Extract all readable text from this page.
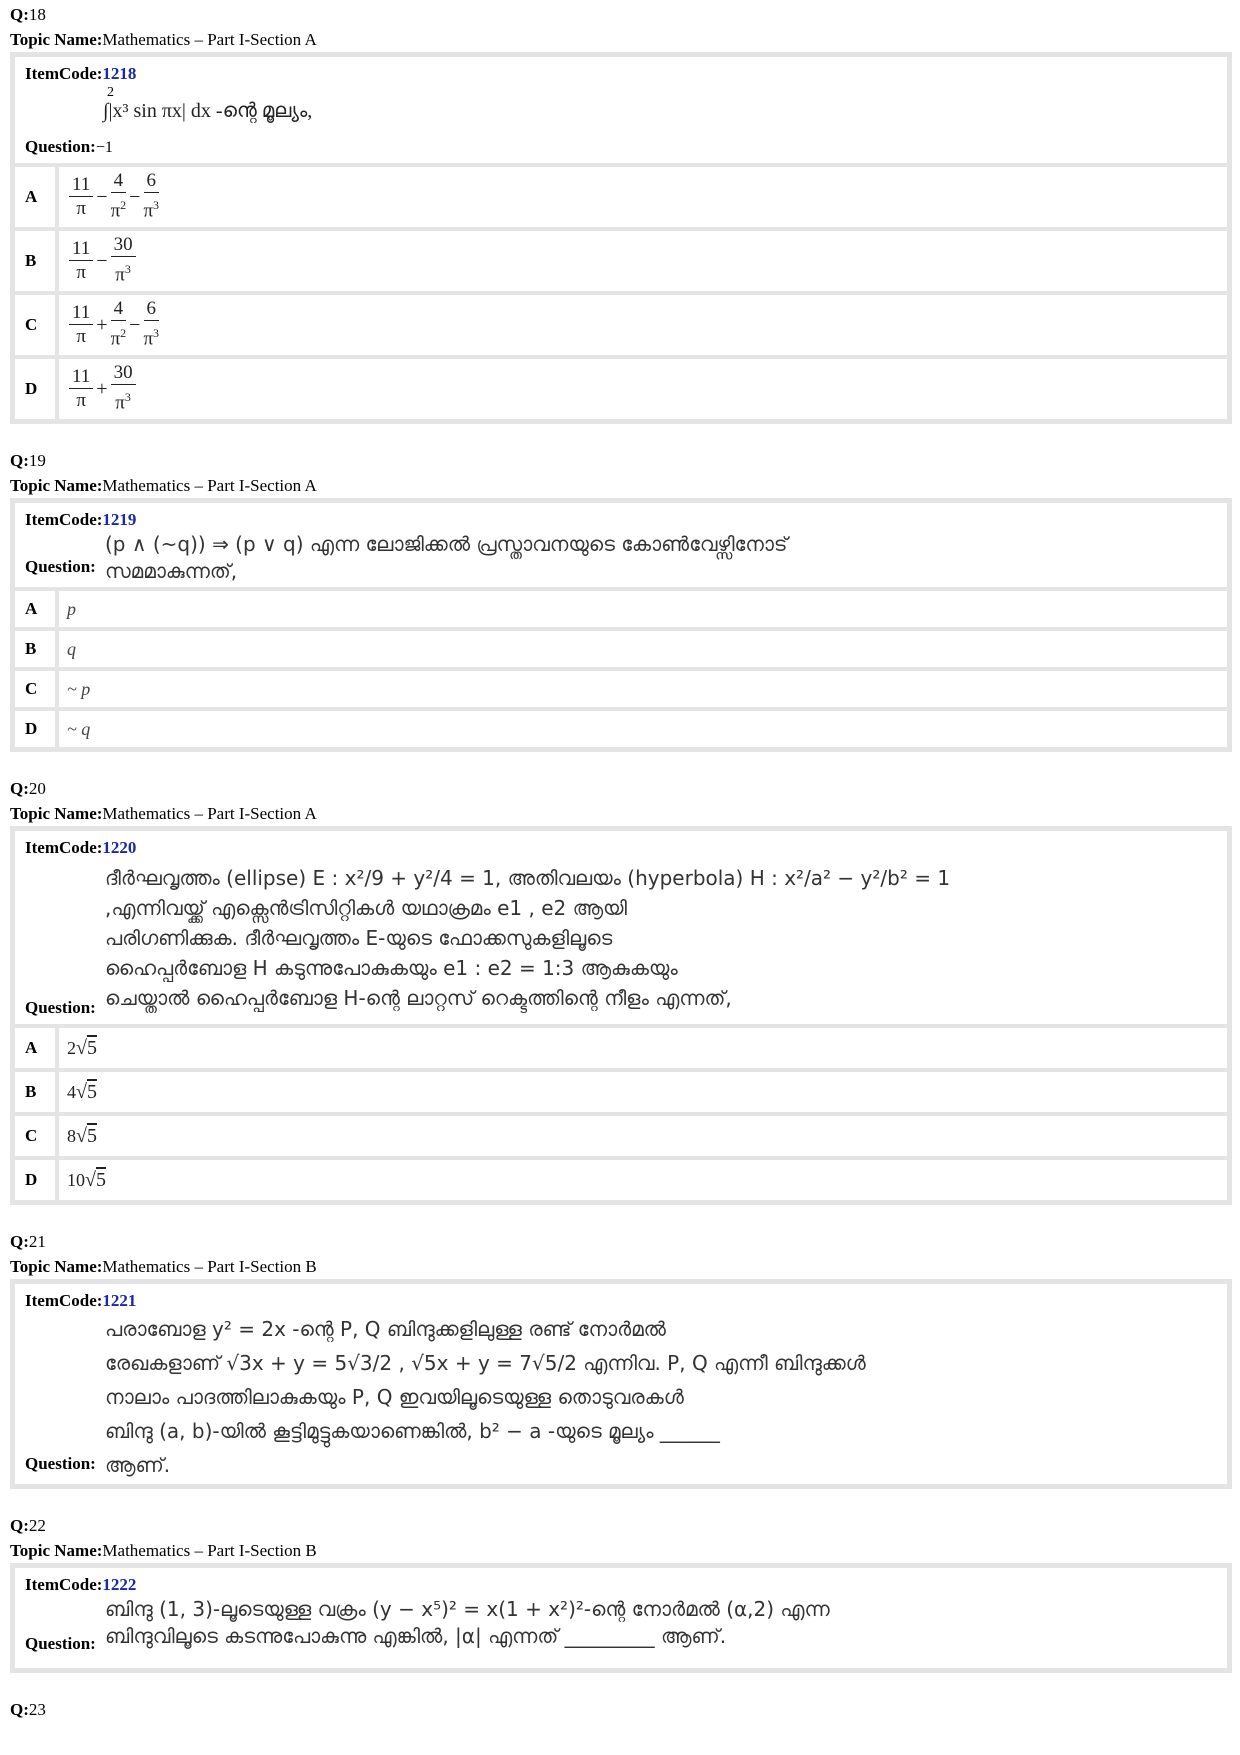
Q:18
Topic Name:Mathematics – Part I-Section A
ItemCode:1218
2
∫|x³ sin πx| dx -ന്റെ മൂല്യം,
Question:−1
A	$\frac{11}{\pi} - \frac{4}{\pi^2} - \frac{6}{\pi^3}$
B	$\frac{11}{\pi} - \frac{30}{\pi^3}$
C	$\frac{11}{\pi} + \frac{4}{\pi^2} - \frac{6}{\pi^3}$
D	$\frac{11}{\pi} + \frac{30}{\pi^3}$
Q:19
Topic Name:Mathematics – Part I-Section A
ItemCode:1219
(p ∧ (~q)) ⇒ (p ∨ q) എന്ന ലോജിക്കൽ പ്രസ്താവനയുടെ കോൺവേഴ്സിനോട്
സമമാകുന്നത്,
Question:
A	p
B	q
C	~ p
D	~ q
Q:20
Topic Name:Mathematics – Part I-Section A
ItemCode:1220
ദീർഘവൃത്തം (ellipse) E : x²/9 + y²/4 = 1, അതിവലയം (hyperbola) H : x²/a² − y²/b² = 1
,എന്നിവയ്ക്ക് എക്സെൻട്രിസിറ്റികൾ യഥാക്രമം e1 , e2 ആയി
പരിഗണിക്കുക. ദീർഘവൃത്തം E-യുടെ ഫോക്കസുകളിലൂടെ
ഹൈപ്പർബോള H കടുന്നുപോകുകയും e1 : e2 = 1:3 ആകുകയും
ചെയ്താൽ ഹൈപ്പർബോള H-ന്റെ ലാറ്റസ് റെക്ടത്തിന്റെ നീളം എന്നത്,
Question:
A	2 √5
B	4 √5
C	8 √5
D	10 √5
Q:21
Topic Name:Mathematics – Part I-Section B
ItemCode:1221
പരാബോള y² = 2x -ന്റെ P, Q ബിന്ദുക്കളിലുള്ള രണ്ട് നോർമൽ
രേഖകളാണ് √3x + y = 5√3/2 , √5x + y = 7√5/2 എന്നിവ. P, Q എന്നീ ബിന്ദുക്കൾ
നാലാം പാദത്തിലാകുകയും P, Q ഇവയിലൂടെയുള്ള തൊടുവരകൾ
ബിന്ദു (a, b)-യിൽ കൂട്ടിമുട്ടുകയാണെങ്കിൽ, b² − a -യുടെ മൂല്യം ______
ആണ്.
Question:
Q:22
Topic Name:Mathematics – Part I-Section B
ItemCode:1222
ബിന്ദു (1, 3)-ലൂടെയുള്ള വക്രം (y − x⁵)² = x(1 + x²)²-ന്റെ നോർമൽ (α,2) എന്ന
ബിന്ദുവിലൂടെ കടന്നുപോകുന്നു എങ്കിൽ, |α| എന്നത് _________ ആണ്.
Question:
Q:23
